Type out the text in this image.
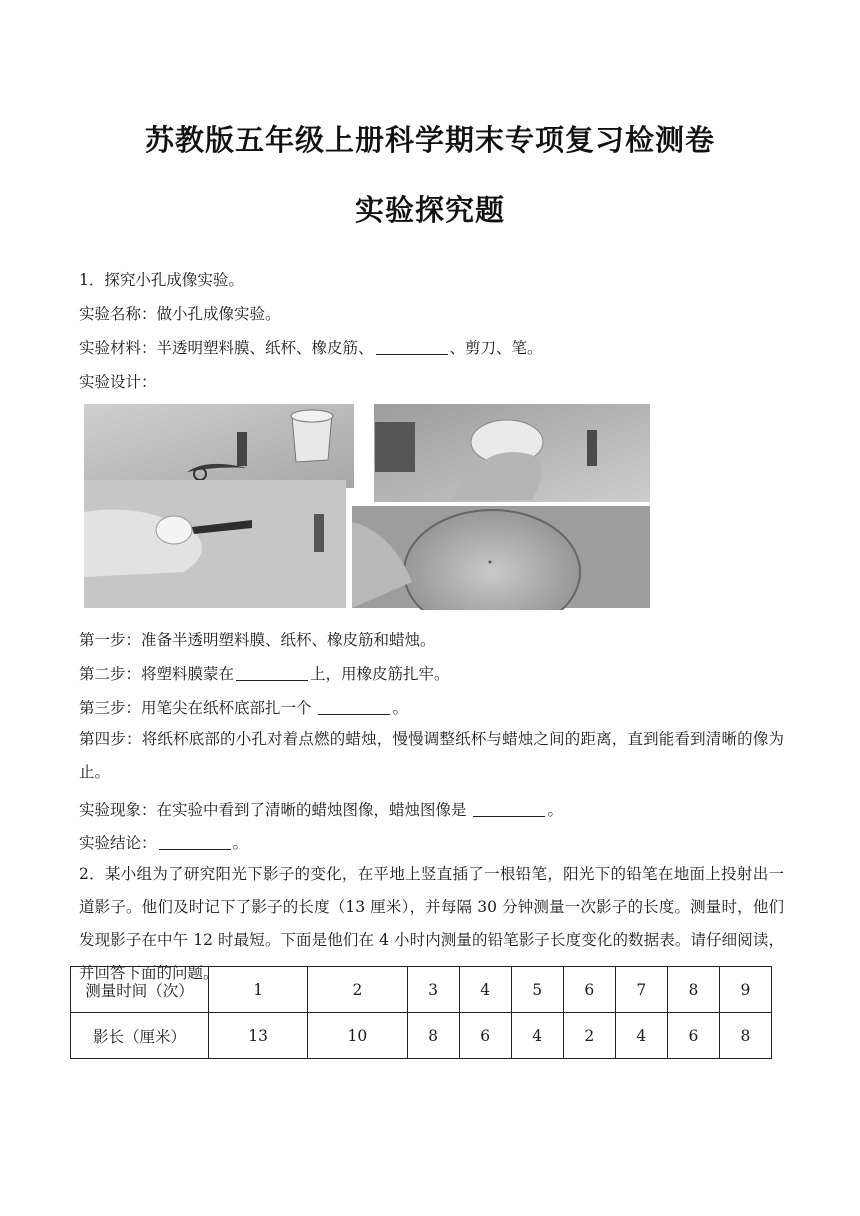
苏教版五年级上册科学期末专项复习检测卷
实验探究题
1．探究小孔成像实验。
实验名称：做小孔成像实验。
实验材料：半透明塑料膜、纸杯、橡皮筋、	、剪刀、笔。
实验设计：
第一步：准备半透明塑料膜、纸杯、橡皮筋和蜡烛。
第二步：将塑料膜蒙在	上，用橡皮筋扎牢。
第三步：用笔尖在纸杯底部扎一个	。
第四步：将纸杯底部的小孔对着点燃的蜡烛，慢慢调整纸杯与蜡烛之间的距离，直到能看到清晰的像为止。
实验现象：在实验中看到了清晰的蜡烛图像，蜡烛图像是	。
实验结论：	。
2．某小组为了研究阳光下影子的变化，在平地上竖直插了一根铅笔，阳光下的铅笔在地面上投射出一道影子。他们及时记下了影子的长度（13 厘米），并每隔 30 分钟测量一次影子的长度。测量时，他们发现影子在中午 12 时最短。下面是他们在 4 小时内测量的铅笔影子长度变化的数据表。请仔细阅读，并回答下面的问题。
测量时间（次）	1	2	3	4	5	6	7	8	9
影长（厘米）	13	10	8	6	4	2	4	6	8
